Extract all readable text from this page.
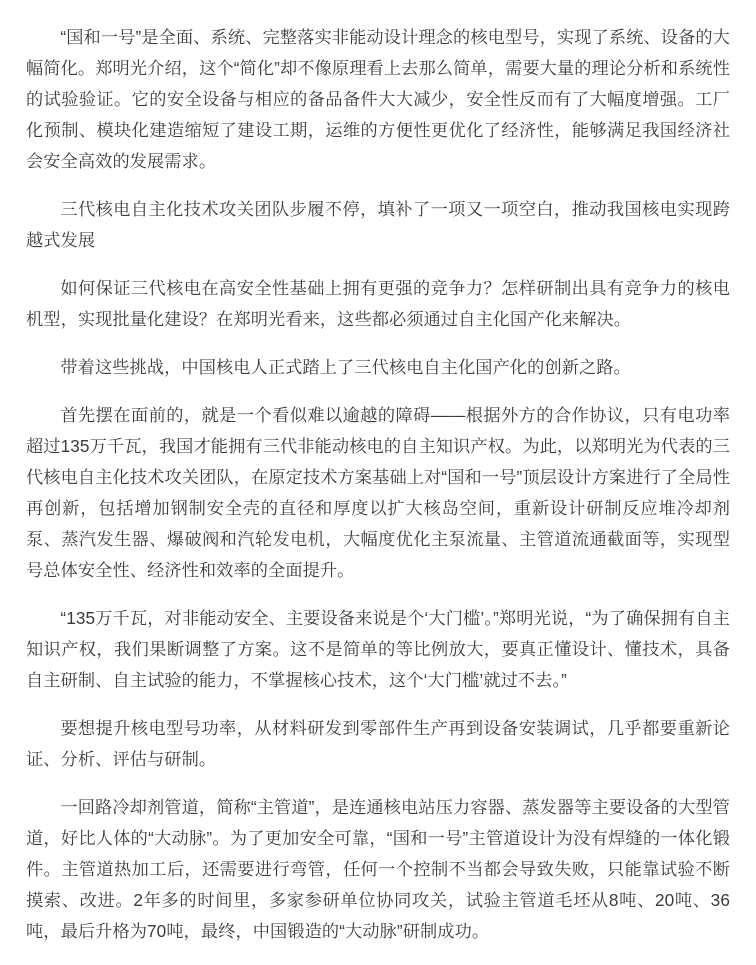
“国和一号”是全面、系统、完整落实非能动设计理念的核电型号，实现了系统、设备的大幅简化。郑明光介绍，这个“简化”却不像原理看上去那么简单，需要大量的理论分析和系统性的试验验证。它的安全设备与相应的备品备件大大减少，安全性反而有了大幅度增强。工厂化预制、模块化建造缩短了建设工期，运维的方便性更优化了经济性，能够满足我国经济社会安全高效的发展需求。

三代核电自主化技术攻关团队步履不停，填补了一项又一项空白，推动我国核电实现跨越式发展

如何保证三代核电在高安全性基础上拥有更强的竞争力？怎样研制出具有竞争力的核电机型，实现批量化建设？在郑明光看来，这些都必须通过自主化国产化来解决。

带着这些挑战，中国核电人正式踏上了三代核电自主化国产化的创新之路。

首先摆在面前的，就是一个看似难以逾越的障碍——根据外方的合作协议，只有电功率超过135万千瓦，我国才能拥有三代非能动核电的自主知识产权。为此，以郑明光为代表的三代核电自主化技术攻关团队，在原定技术方案基础上对“国和一号”顶层设计方案进行了全局性再创新，包括增加钢制安全壳的直径和厚度以扩大核岛空间，重新设计研制反应堆冷却剂泵、蒸汽发生器、爆破阀和汽轮发电机，大幅度优化主泵流量、主管道流通截面等，实现型号总体安全性、经济性和效率的全面提升。

“135万千瓦，对非能动安全、主要设备来说是个‘大门槛’。”郑明光说，“为了确保拥有自主知识产权，我们果断调整了方案。这不是简单的等比例放大，要真正懂设计、懂技术，具备自主研制、自主试验的能力，不掌握核心技术，这个‘大门槛’就过不去。”

要想提升核电型号功率，从材料研发到零部件生产再到设备安装调试，几乎都要重新论证、分析、评估与研制。

一回路冷却剂管道，简称“主管道”，是连通核电站压力容器、蒸发器等主要设备的大型管道，好比人体的“大动脉”。为了更加安全可靠，“国和一号”主管道设计为没有焊缝的一体化锻件。主管道热加工后，还需要进行弯管，任何一个控制不当都会导致失败，只能靠试验不断摸索、改进。2年多的时间里，多家参研单位协同攻关，试验主管道毛坯从8吨、20吨、36吨，最后升格为70吨，最终，中国锻造的“大动脉”研制成功。
